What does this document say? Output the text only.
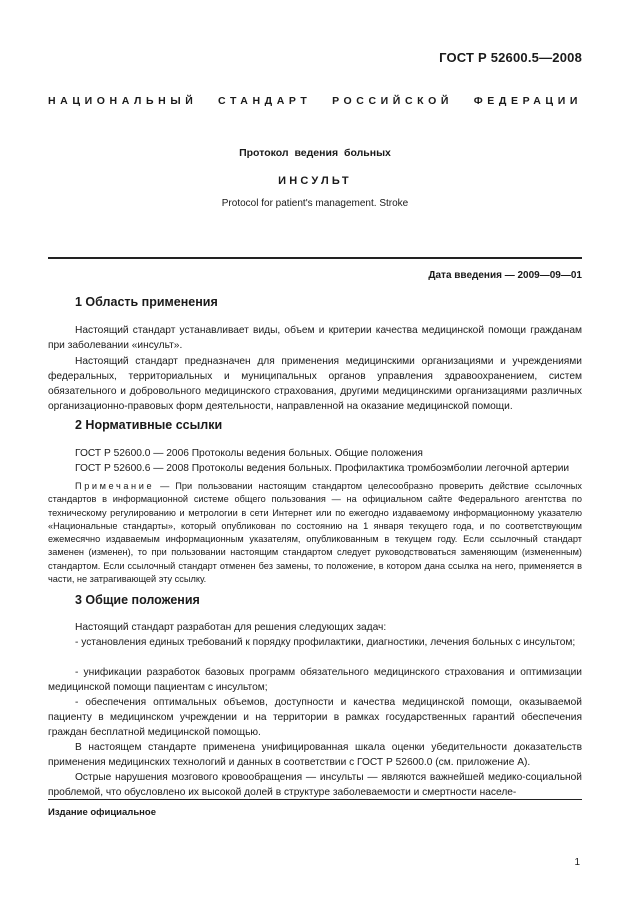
ГОСТ Р 52600.5—2008
НАЦИОНАЛЬНЫЙ СТАНДАРТ РОССИЙСКОЙ ФЕДЕРАЦИИ
Протокол ведения больных
ИНСУЛЬТ
Protocol for patient's management. Stroke
Дата введения — 2009—09—01
1 Область применения

Настоящий стандарт устанавливает виды, объем и критерии качества медицинской помощи граждaнам при заболевании «инсульт».

Настоящий стандарт предназначен для применения медицинскими организациями и учреждениями федеральных, территориальных и муниципальных органов управления здравоохранением, систем обязательного и добровольного медицинского страхования, другими медицинскими организациями различных организационно-правовых форм деятельности, направленной на оказание медицинской помощи.

2 Нормативные ссылки
ГОСТ Р 52600.0 — 2006 Протоколы ведения больных. Общие положения
ГОСТ Р 52600.6 — 2008 Протоколы ведения больных. Профилактика тромбоэмболии легочной артерии

Примечание — При пользовании настоящим стандартом целесообразно проверить действие ссылочных стандартов в информационной системе общего пользования — на официальном сайте Федерального агентства по техническому регулированию и метрологии в сети Интернет или по ежегодно издаваемому информационному указателю «Национальные стандарты», который опубликован по состоянию на 1 января текущего года, и по соответствующим ежемесячно издаваемым информационным указателям, опубликованным в текущем году. Если ссылочный стандарт заменен (изменен), то при пользовании настоящим стандартом следует руководствоваться заменяющим (измененным) стандартом. Если ссылочный стандарт отменен без замены, то положение, в котором дана ссылка на него, применяется в части, не затрагивающей эту ссылку.

3 Общие положения

Настоящий стандарт разработан для решения следующих задач:

- установления единых требований к порядку профилактики, диагностики, лечения больных с инсультом;

- унификации разработок базовых программ обязательного медицинского страхования и оптимизации медицинской помощи пациентам с инсультом;

- обеспечения оптимальных объемов, доступности и качества медицинской помощи, оказываемой пациенту в медицинском учреждении и на территории в рамках государственных гарантий обеспечения граждан бесплатной медицинской помощью.

В настоящем стандарте применена унифицированная шкала оценки убедительности доказательств применения медицинских технологий и данных в соответствии с ГОСТ Р 52600.0 (см. приложение А).

Острые нарушения мозгового кровообращения — инсульты — являются важнейшей медико-социальной проблемой, что обусловлено их высокой долей в структуре заболеваемости и смертности населе-

Издание официальное
1
